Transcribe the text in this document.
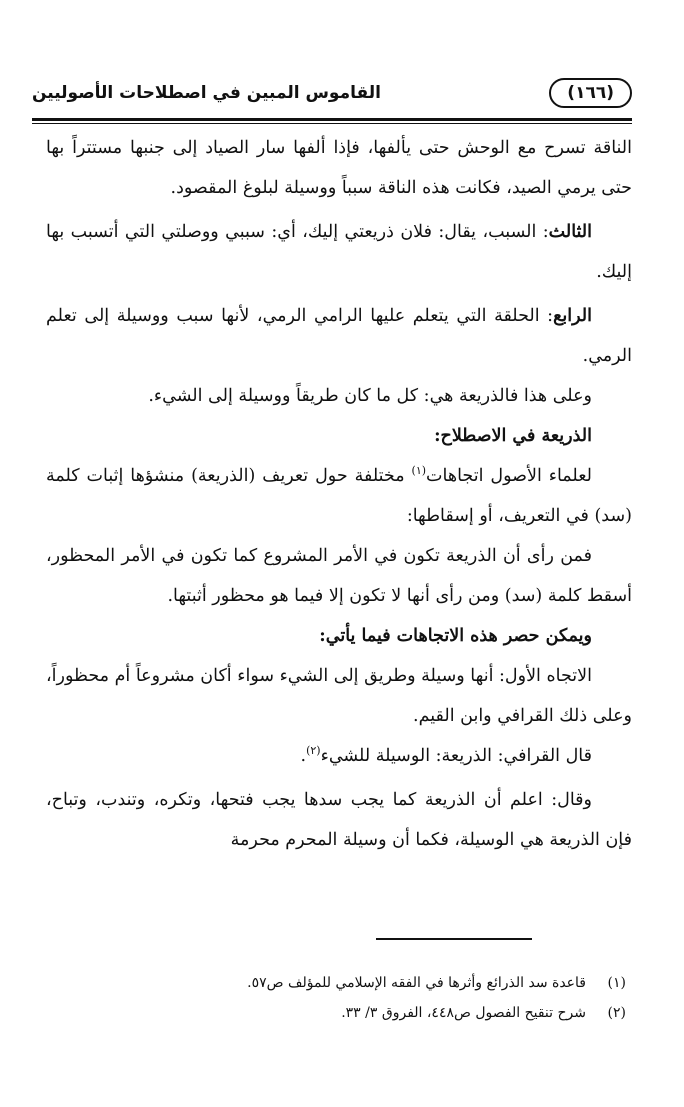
(١٦٦)
القاموس المبين في اصطلاحات الأصوليين

الناقة تسرح مع الوحش حتى يألفها، فإذا ألفها سار الصياد إلى جنبها مستتراً بها حتى يرمي الصيد، فكانت هذه الناقة سبباً ووسيلة لبلوغ المقصود.

الثالث: السبب، يقال: فلان ذريعتي إليك، أي: سببي ووصلتي التي أتسبب بها إليك.

الرابع: الحلقة التي يتعلم عليها الرامي الرمي، لأنها سبب ووسيلة إلى تعلم الرمي.

وعلى هذا فالذريعة هي: كل ما كان طريقاً ووسيلة إلى الشيء.

الذريعة في الاصطلاح:

لعلماء الأصول اتجاهات$^{(١)}$ مختلفة حول تعريف (الذريعة) منشؤها إثبات كلمة (سد) في التعريف، أو إسقاطها:

فمن رأى أن الذريعة تكون في الأمر المشروع كما تكون في الأمر المحظور، أسقط كلمة (سد) ومن رأى أنها لا تكون إلا فيما هو محظور أثبتها.

ويمكن حصر هذه الاتجاهات فيما يأتي:

الاتجاه الأول: أنها وسيلة وطريق إلى الشيء سواء أكان مشروعاً أم محظوراً، وعلى ذلك القرافي وابن القيم.

قال القرافي: الذريعة: الوسيلة للشيء$^{(٢)}$.

وقال: اعلم أن الذريعة كما يجب سدها يجب فتحها، وتكره، وتندب، وتباح، فإن الذريعة هي الوسيلة، فكما أن وسيلة المحرم محرمة

(١)
قاعدة سد الذرائع وأثرها في الفقه الإسلامي للمؤلف ص٥٧.
(٢)
شرح تنقيح الفصول ص٤٤٨، الفروق ٣/ ٣٣.
